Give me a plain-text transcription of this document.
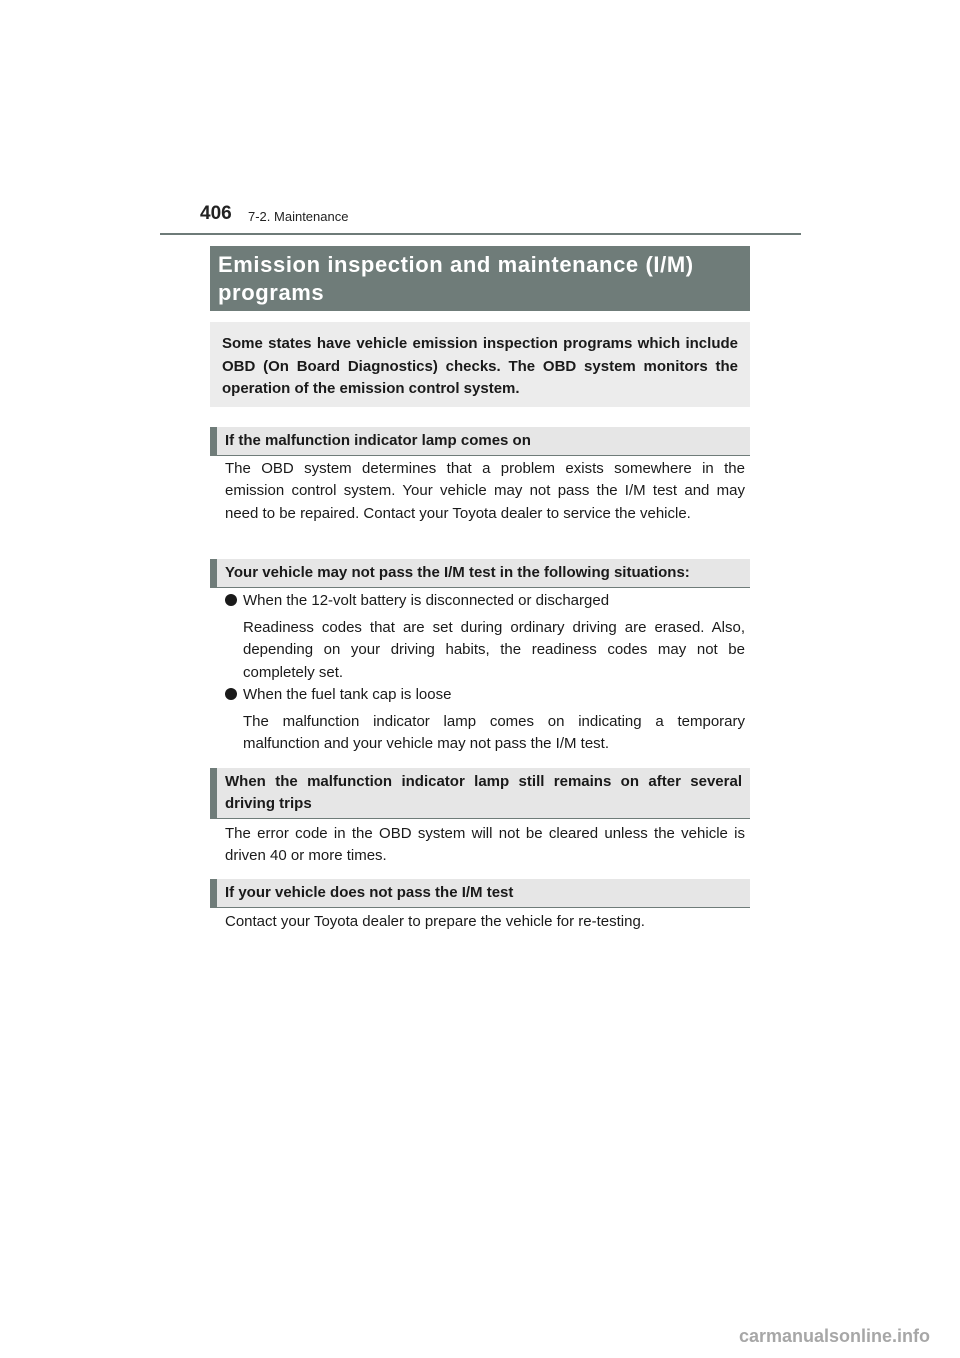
406 7-2. Maintenance
Emission inspection and maintenance (I/M) programs

Some states have vehicle emission inspection programs which include OBD (On Board Diagnostics) checks. The OBD system monitors the operation of the emission control system.

If the malfunction indicator lamp comes on

The OBD system determines that a problem exists somewhere in the emission control system. Your vehicle may not pass the I/M test and may need to be repaired. Contact your Toyota dealer to service the vehicle.

Your vehicle may not pass the I/M test in the following situations:
When the 12-volt battery is disconnected or discharged

Readiness codes that are set during ordinary driving are erased. Also, depending on your driving habits, the readiness codes may not be completely set.

When the fuel tank cap is loose

The malfunction indicator lamp comes on indicating a temporary malfunction and your vehicle may not pass the I/M test.

When the malfunction indicator lamp still remains on after several driving trips

The error code in the OBD system will not be cleared unless the vehicle is driven 40 or more times.

If your vehicle does not pass the I/M test

Contact your Toyota dealer to prepare the vehicle for re-testing.

carmanualsonline.info
